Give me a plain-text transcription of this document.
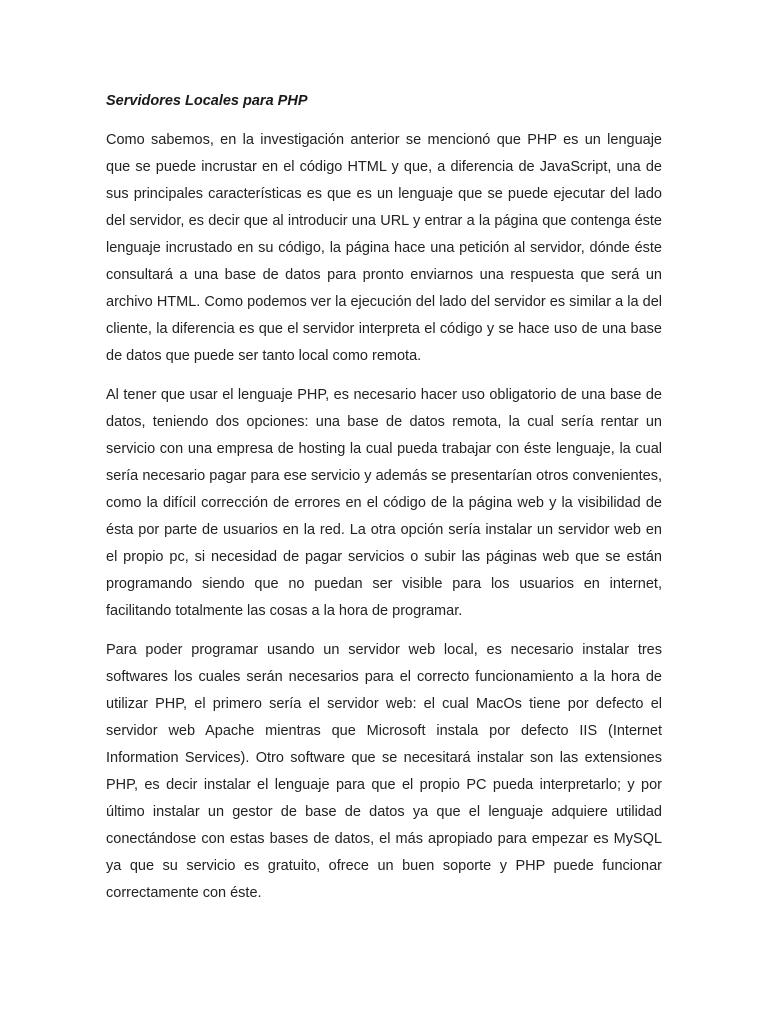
Servidores Locales para PHP

Como sabemos, en la investigación anterior se mencionó que PHP es un lenguaje que se puede incrustar en el código HTML y que, a diferencia de JavaScript, una de sus principales características es que es un lenguaje que se puede ejecutar del lado del servidor, es decir que al introducir una URL y entrar a la página que contenga éste lenguaje incrustado en su código, la página hace una petición al servidor, dónde éste consultará a una base de datos para pronto enviarnos una respuesta que será un archivo HTML. Como podemos ver la ejecución del lado del servidor es similar a la del cliente, la diferencia es que el servidor interpreta el código y se hace uso de una base de datos que puede ser tanto local como remota.

Al tener que usar el lenguaje PHP, es necesario hacer uso obligatorio de una base de datos, teniendo dos opciones: una base de datos remota, la cual sería rentar un servicio con una empresa de hosting la cual pueda trabajar con éste lenguaje, la cual sería necesario pagar para ese servicio y además se presentarían otros convenientes, como la difícil corrección de errores en el código de la página web y la visibilidad de ésta por parte de usuarios en la red. La otra opción sería instalar un servidor web en el propio pc, si necesidad de pagar servicios o subir las páginas web que se están programando siendo que no puedan ser visible para los usuarios en internet, facilitando totalmente las cosas a la hora de programar.

Para poder programar usando un servidor web local, es necesario instalar tres softwares los cuales serán necesarios para el correcto funcionamiento a la hora de utilizar PHP, el primero sería el servidor web: el cual MacOs tiene por defecto el servidor web Apache mientras que Microsoft instala por defecto IIS (Internet Information Services). Otro software que se necesitará instalar son las extensiones PHP, es decir instalar el lenguaje para que el propio PC pueda interpretarlo; y por último instalar un gestor de base de datos ya que el lenguaje adquiere utilidad conectándose con estas bases de datos, el más apropiado para empezar es MySQL ya que su servicio es gratuito, ofrece un buen soporte y PHP puede funcionar correctamente con éste.
